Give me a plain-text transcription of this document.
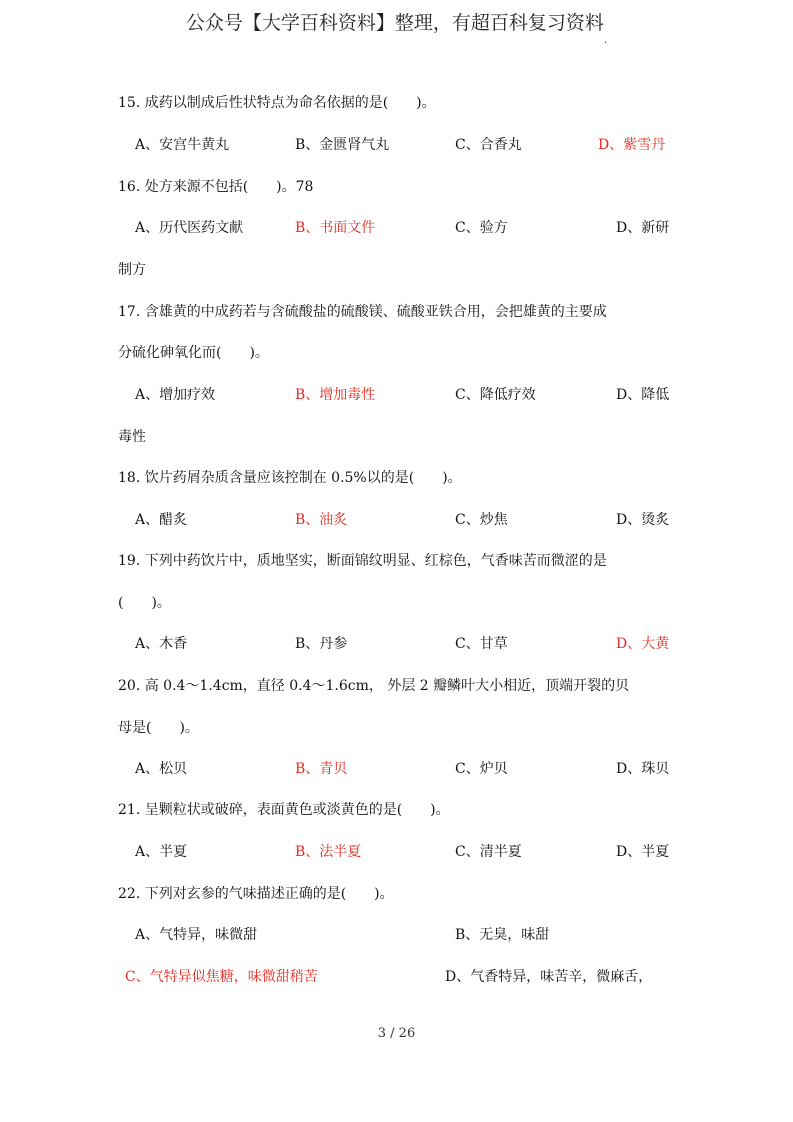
公众号【大学百科资料】整理，有超百科复习资料$_.$
15. 成药以制成后性状特点为命名依据的是(　　)。
A、安宫牛黄丸	B、金匮肾气丸	C、合香丸	D、紫雪丹
16. 处方来源不包括(　　)。78
A、历代医药文献	B、书面文件	C、验方	D、新研
制方
17. 含雄黄的中成药若与含硫酸盐的硫酸镁、硫酸亚铁合用，会把雄黄的主要成
分硫化砷氧化而(　　)。
A、增加疗效	B、增加毒性	C、降低疗效	D、降低
毒性
18. 饮片药屑杂质含量应该控制在 0.5%以的是(　　)。
A、醋炙	B、油炙	C、炒焦	D、烫炙
19. 下列中药饮片中，质地坚实，断面锦纹明显、红棕色，气香味苦而微涩的是
(　　)。
A、木香	B、丹参	C、甘草	D、大黄
20. 高 0.4～1.4cm，直径 0.4～1.6cm， 外层 2 瓣鳞叶大小相近，顶端开裂的贝
母是(　　)。
A、松贝	B、青贝	C、炉贝	D、珠贝
21. 呈颗粒状或破碎，表面黄色或淡黄色的是(　　)。
A、半夏	B、法半夏	C、清半夏	D、半夏
22. 下列对玄参的气味描述正确的是(　　)。
A、气特异，味微甜	B、无臭，味甜
C、气特异似焦糖，味微甜稍苦	D、气香特异，味苦辛，微麻舌，
3 / 26
